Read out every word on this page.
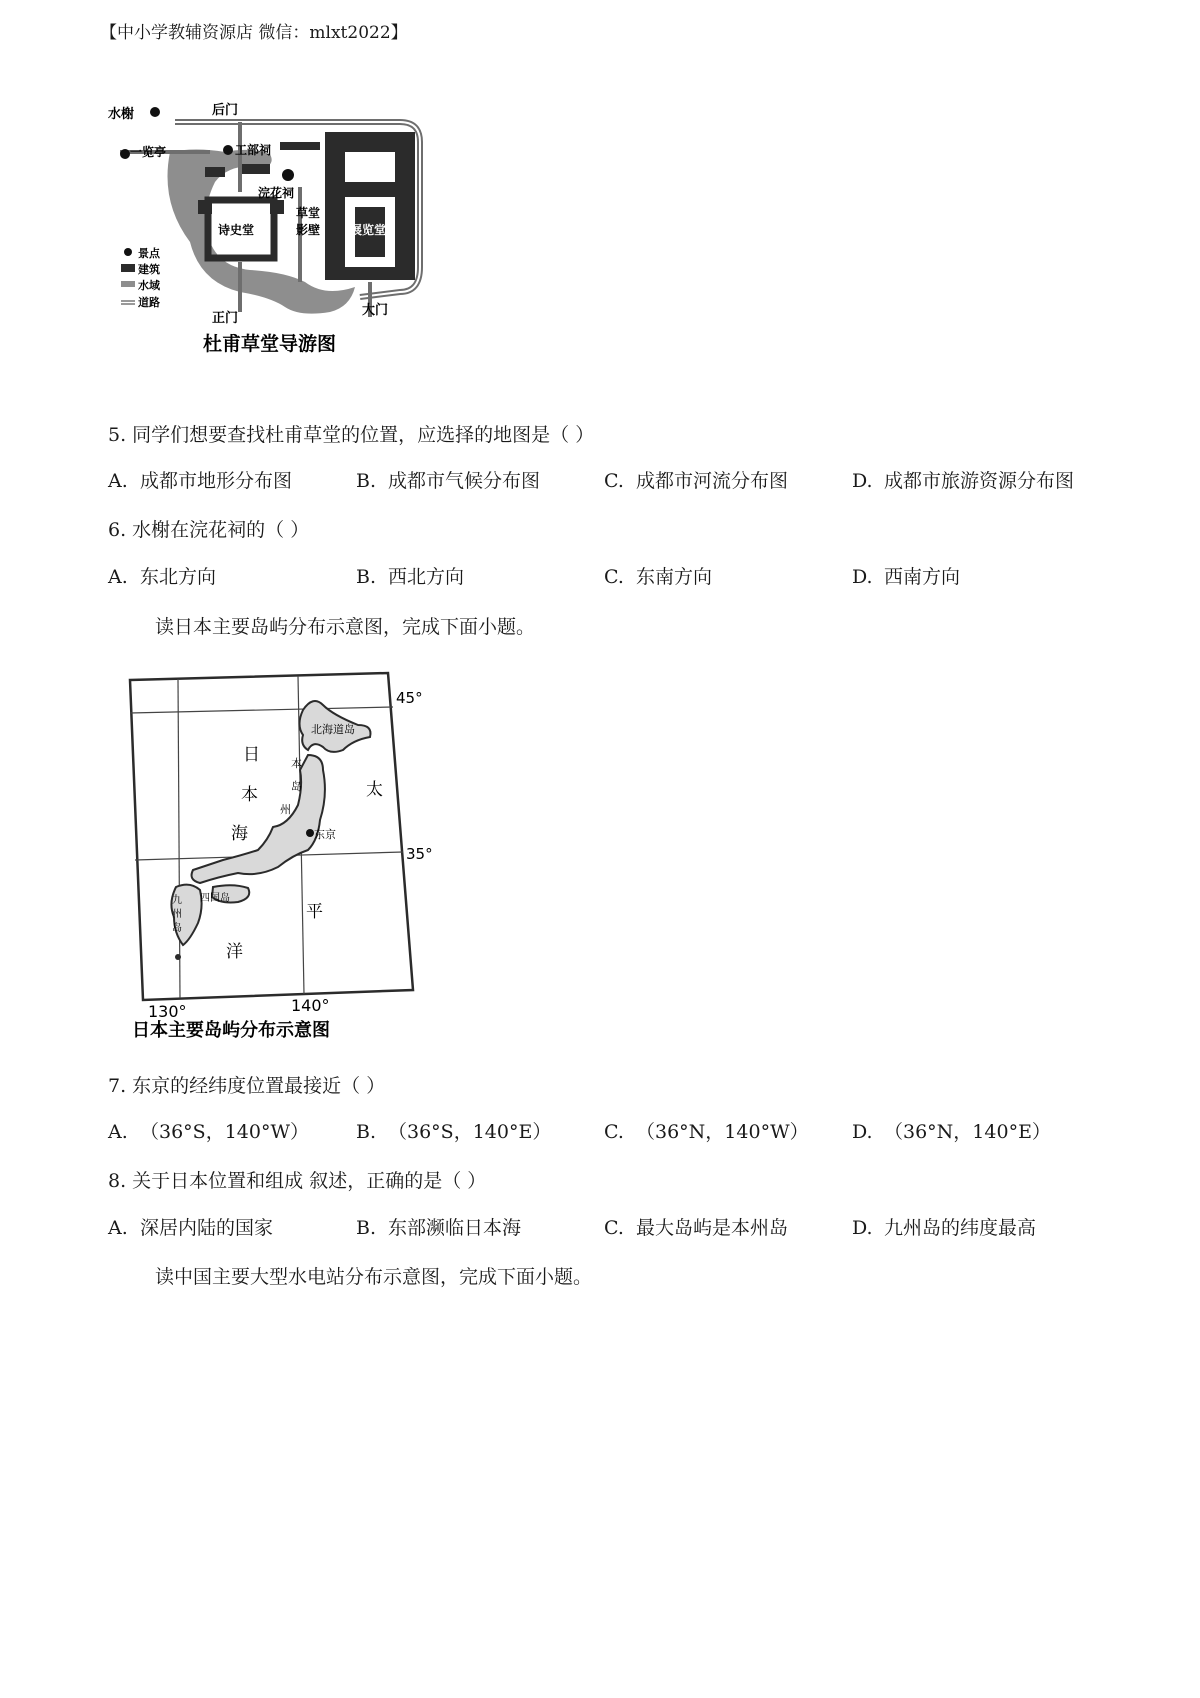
【中小学教辅资源店 微信：mlxt2022】
水榭	后门
一览亭	工部祠
浣花祠
草堂
影壁
诗史堂	展览堂
正门
大门
景点
建筑
水域
道路
杜甫草堂导游图
5. 同学们想要查找杜甫草堂的位置，应选择的地图是（ ）
A. 成都市地形分布图	B. 成都市气候分布图	C. 成都市河流分布图	D. 成都市旅游资源分布图
6. 水榭在浣花祠的（ ）
A. 东北方向	B. 西北方向	C. 东南方向	D. 西南方向
读日本主要岛屿分布示意图，完成下面小题。
东京
北海道岛
本
岛
州
四国岛
九
州
岛
日
本
海
太
平
洋
45°
35°
130°	140°
日本主要岛屿分布示意图
7. 东京的经纬度位置最接近（ ）
A. （36°S，140°W） B. （36°S，140°E）	C. （36°N，140°W） D. （36°N，140°E）
8. 关于日本位置和组成 叙述，正确的是（ ）
A. 深居内陆的国家	B. 东部濒临日本海	C. 最大岛屿是本州岛	D. 九州岛的纬度最高
读中国主要大型水电站分布示意图，完成下面小题。
